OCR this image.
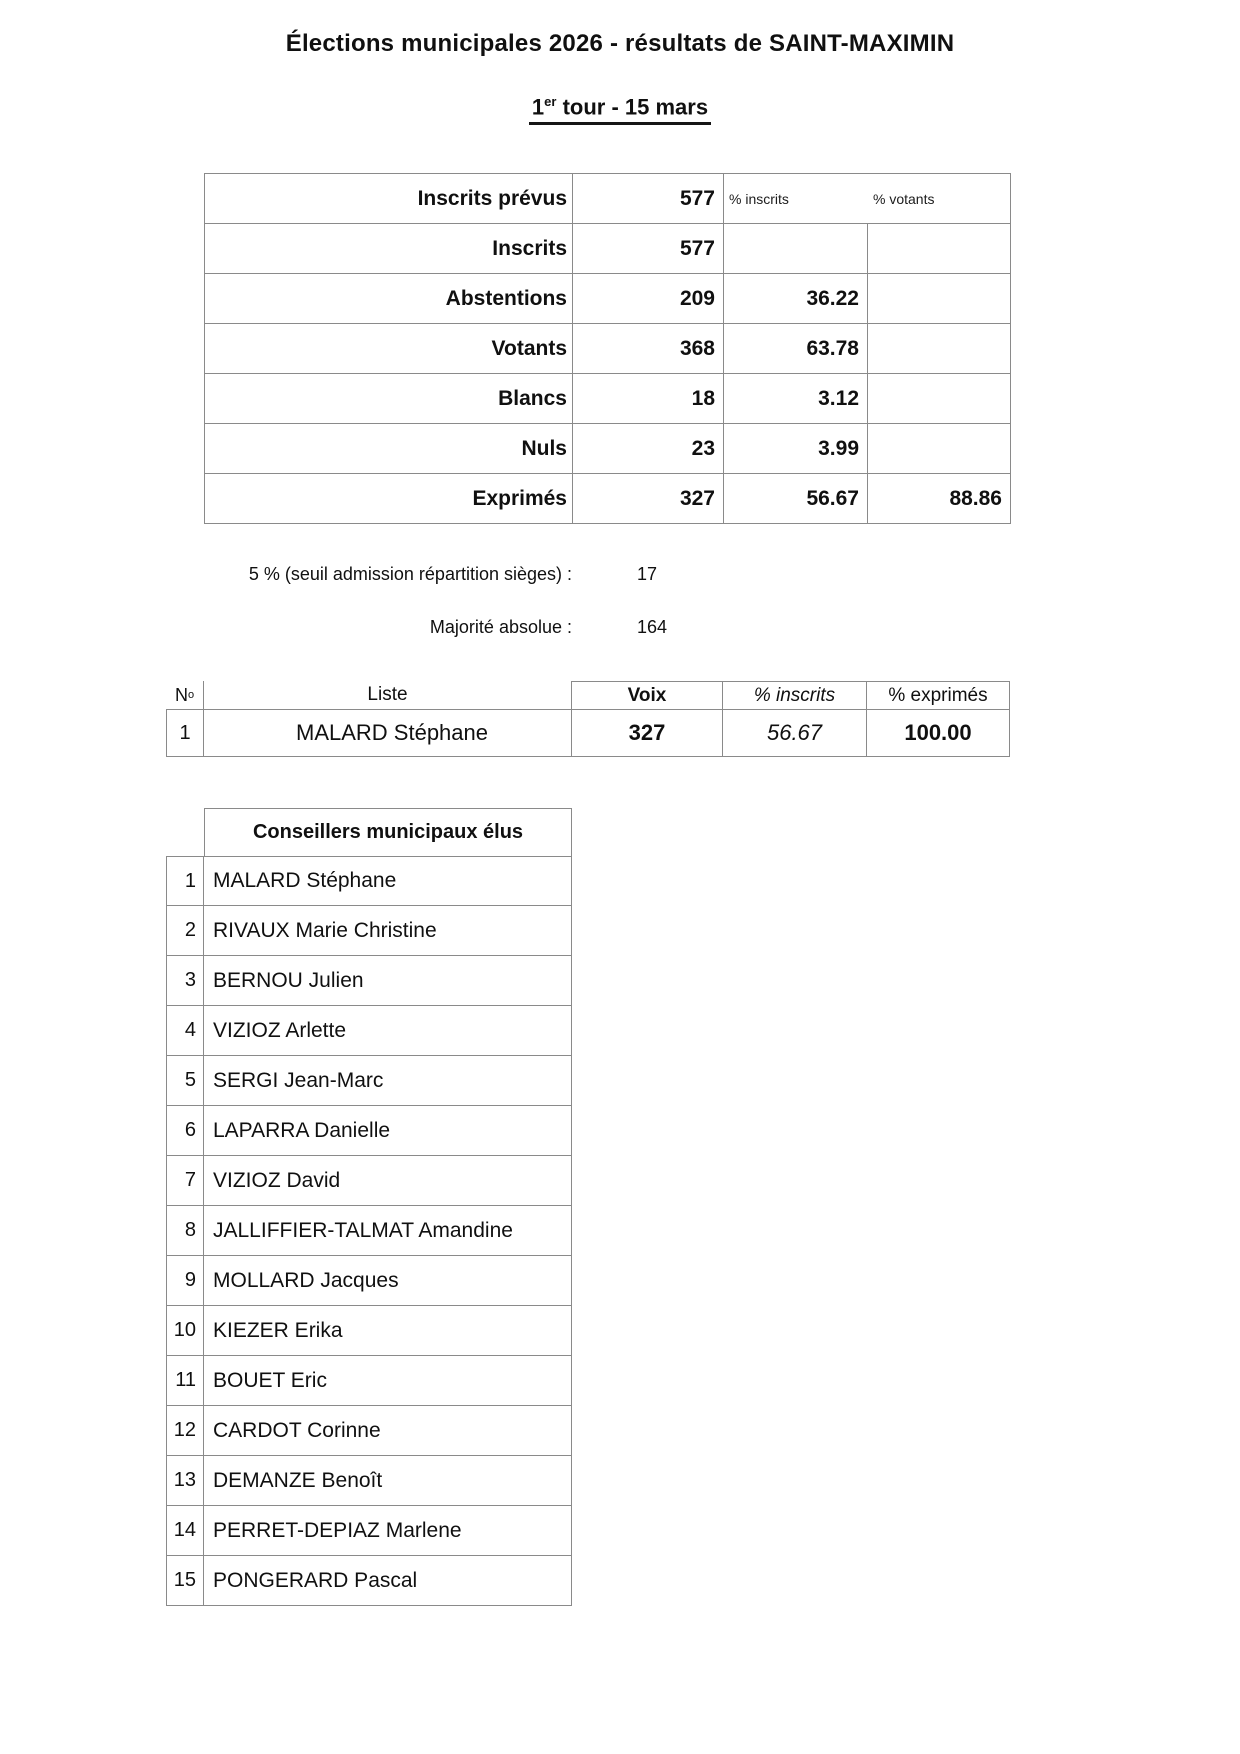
Élections municipales 2026 - résultats de SAINT-MAXIMIN
1er tour - 15 mars
Inscrits prévus	577	% inscrits	% votants
Inscrits	577
Abstentions	209	36.22
Votants	368	63.78
Blancs	18	3.12
Nuls	23	3.99
Exprimés	327	56.67	88.86
5 % (seuil admission répartition sièges) :	17
Majorité absolue :	164
N o	Liste	Voix	% inscrits	% exprimés
1	MALARD Stéphane	327	56.67	100.00
Conseillers municipaux élus
1 MALARD Stéphane
2 RIVAUX Marie Christine
3 BERNOU Julien
4 VIZIOZ Arlette
5 SERGI Jean-Marc
6 LAPARRA Danielle
7 VIZIOZ David
8 JALLIFFIER-TALMAT Amandine
9 MOLLARD Jacques
10 KIEZER Erika
11 BOUET Eric
12 CARDOT Corinne
13 DEMANZE Benoît
14 PERRET-DEPIAZ Marlene
15 PONGERARD Pascal
